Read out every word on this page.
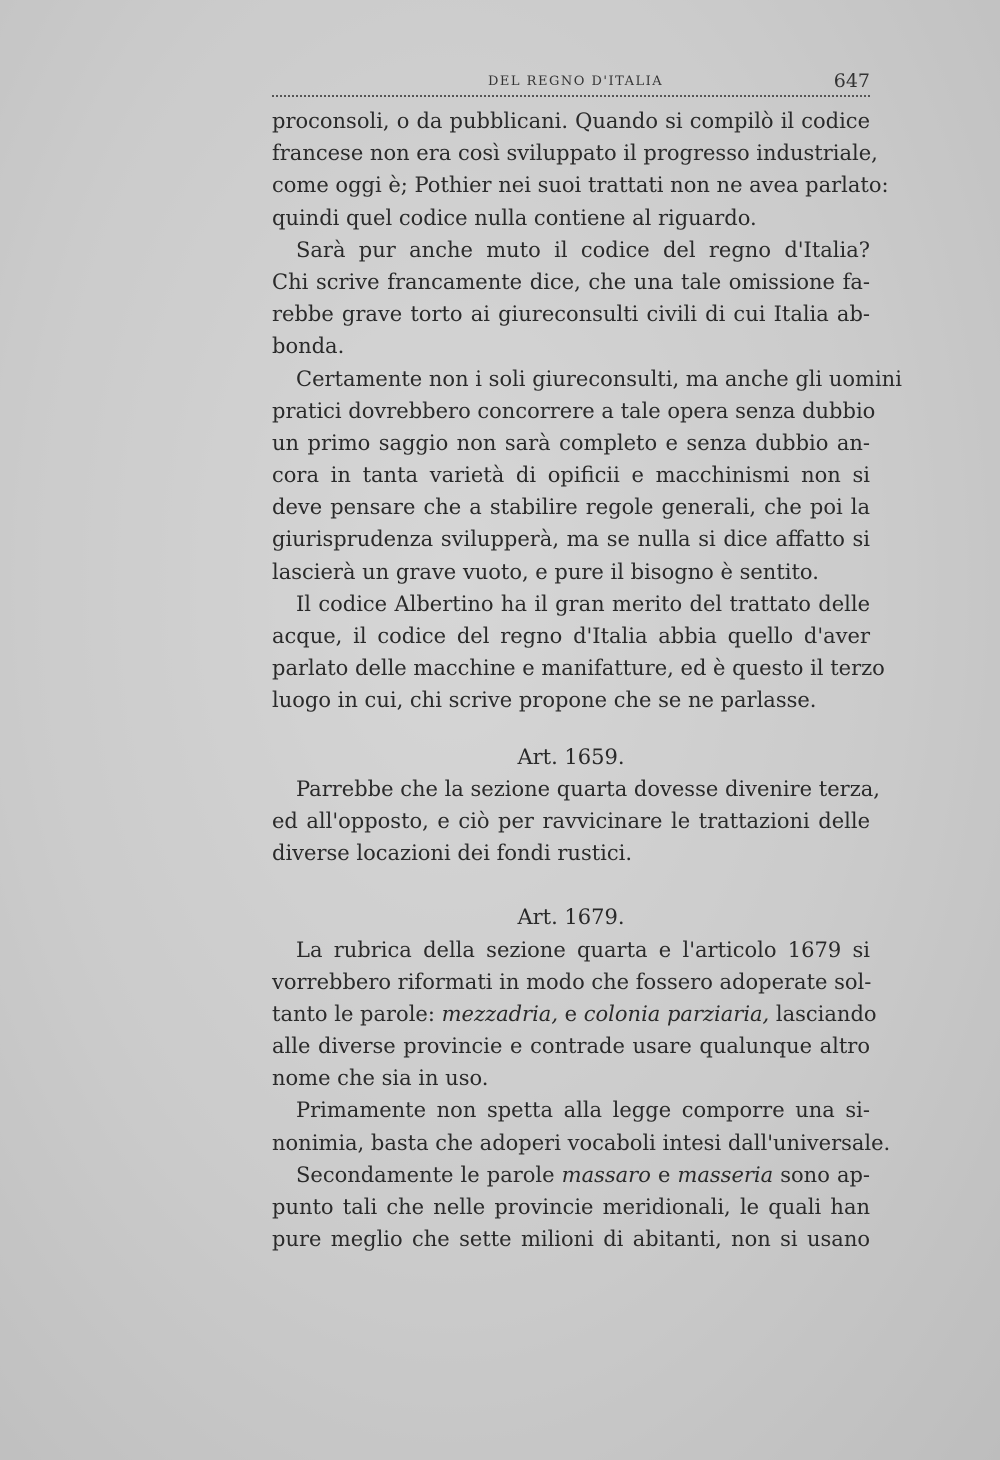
DEL REGNO D'ITALIA	647
proconsoli, o da pubblicani. Quando si compilò il codice
francese non era così sviluppato il progresso industriale,
come oggi è; Pothier nei suoi trattati non ne avea parlato:
quindi quel codice nulla contiene al riguardo.
Sarà pur anche muto il codice del regno d'Italia?
Chi scrive francamente dice, che una tale omissione fa-
rebbe grave torto ai giureconsulti civili di cui Italia ab-
bonda.
Certamente non i soli giureconsulti, ma anche gli uomini
pratici dovrebbero concorrere a tale opera senza dubbio
un primo saggio non sarà completo e senza dubbio an-
cora in tanta varietà di opificii e macchinismi non si
deve pensare che a stabilire regole generali, che poi la
giurisprudenza svilupperà, ma se nulla si dice affatto si
lascierà un grave vuoto, e pure il bisogno è sentito.
Il codice Albertino ha il gran merito del trattato delle
acque, il codice del regno d'Italia abbia quello d'aver
parlato delle macchine e manifatture, ed è questo il terzo
luogo in cui, chi scrive propone che se ne parlasse.
Art. 1659.
Parrebbe che la sezione quarta dovesse divenire terza,
ed all'opposto, e ciò per ravvicinare le trattazioni delle
diverse locazioni dei fondi rustici.
Art. 1679.
La rubrica della sezione quarta e l'articolo 1679 si
vorrebbero riformati in modo che fossero adoperate sol-
tanto le parole: mezzadria, e colonia parziaria, lasciando
alle diverse provincie e contrade usare qualunque altro
nome che sia in uso.
Primamente non spetta alla legge comporre una si-
nonimia, basta che adoperi vocaboli intesi dall'universale.
Secondamente le parole massaro e masseria sono ap-
punto tali che nelle provincie meridionali, le quali han
pure meglio che sette milioni di abitanti, non si usano
